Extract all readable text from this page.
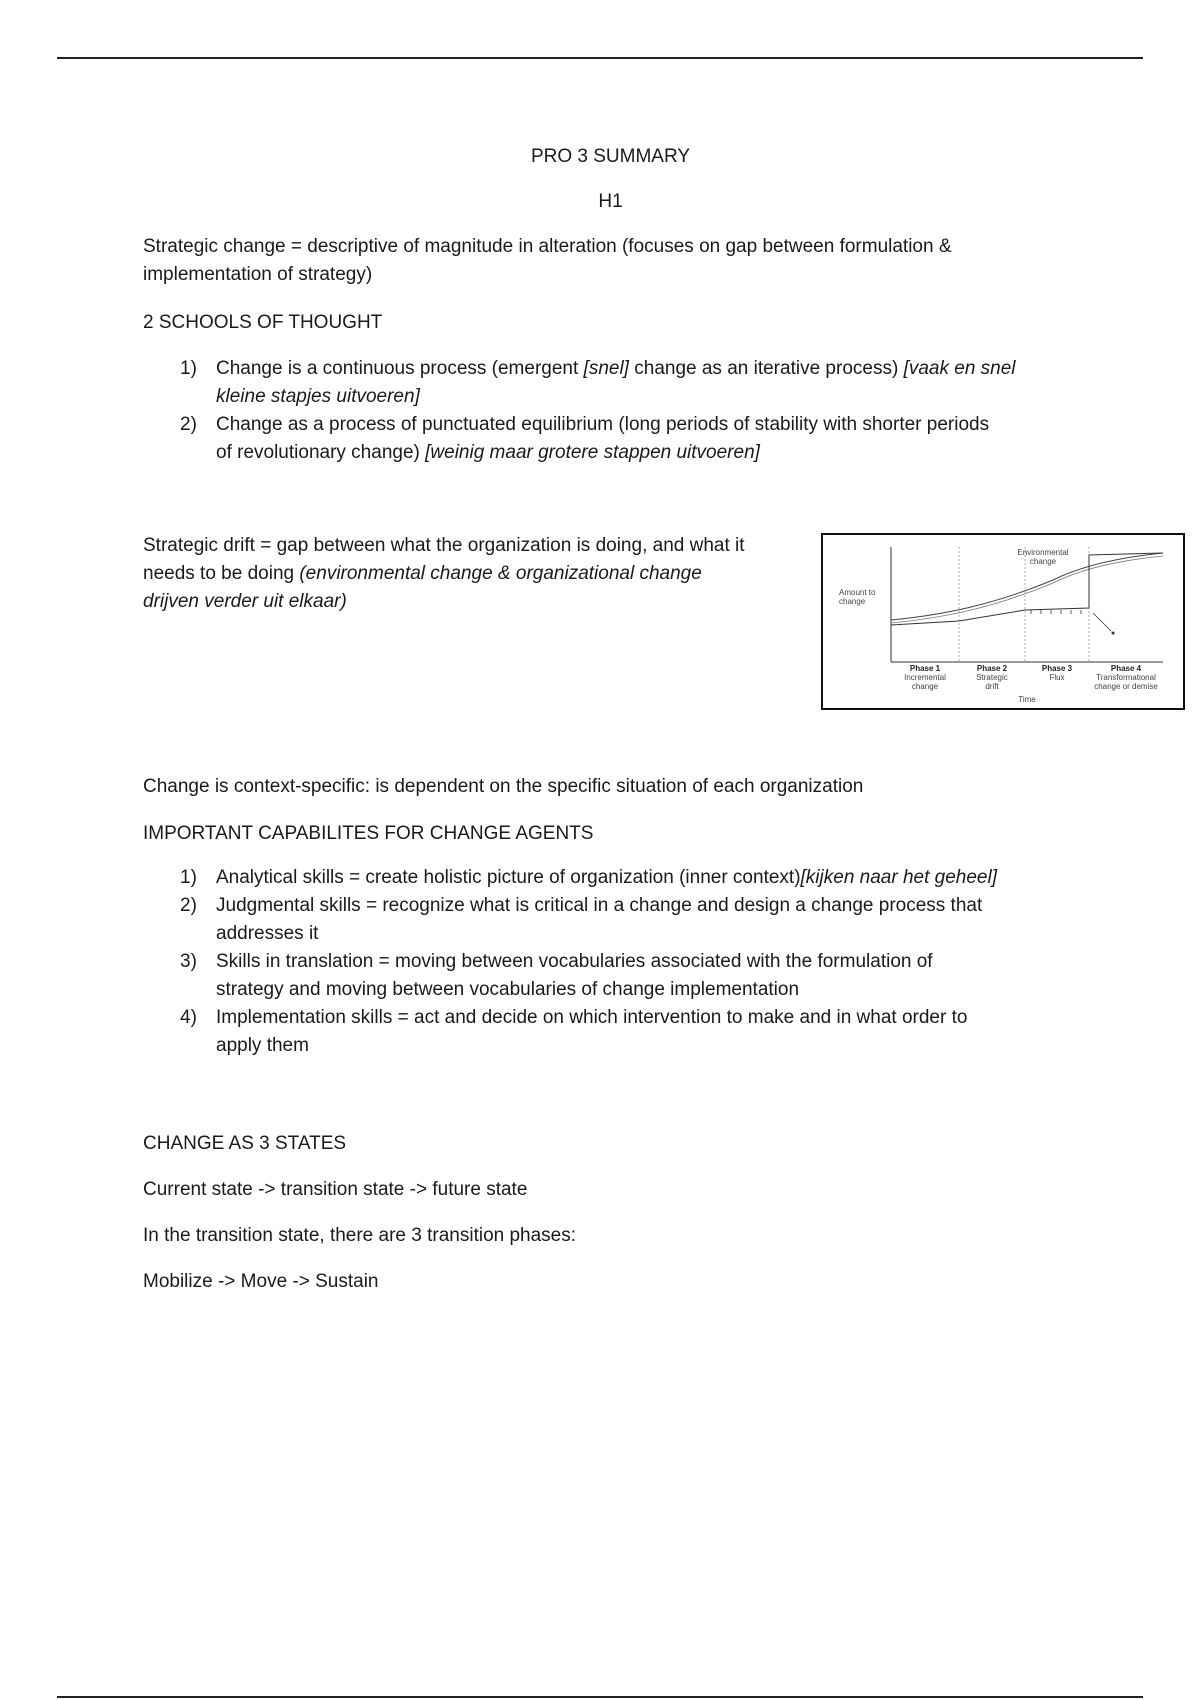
PRO 3 SUMMARY

H1

Strategic change = descriptive of magnitude in alteration (focuses on gap between formulation &
implementation of strategy)

2 SCHOOLS OF THOUGHT

1) Change is a continuous process (emergent [snel] change as an iterative process) [vaak en snel
kleine stapjes uitvoeren]
2) Change as a process of punctuated equilibrium (long periods of stability with shorter periods
of revolutionary change) [weinig maar grotere stappen uitvoeren]

Strategic drift = gap between what the organization is doing, and what it
needs to be doing (environmental change & organizational change
drijven verder uit elkaar)

Change is context-specific: is dependent on the specific situation of each organization

IMPORTANT CAPABILITES FOR CHANGE AGENTS

1) Analytical skills = create holistic picture of organization (inner context)[kijken naar het geheel]
2) Judgmental skills = recognize what is critical in a change and design a change process that
addresses it
3) Skills in translation = moving between vocabularies associated with the formulation of
strategy and moving between vocabularies of change implementation
4) Implementation skills = act and decide on which intervention to make and in what order to
apply them

CHANGE AS 3 STATES

Current state -> transition state -> future state

In the transition state, there are 3 transition phases:

Mobilize -> Move -> Sustain

Environmental
change
Amount to
change
Phase 1
Incremental
change
Phase 2
Strategic
drift
Phase 3
Flux
Phase 4
Transformational
change or demise
Time
